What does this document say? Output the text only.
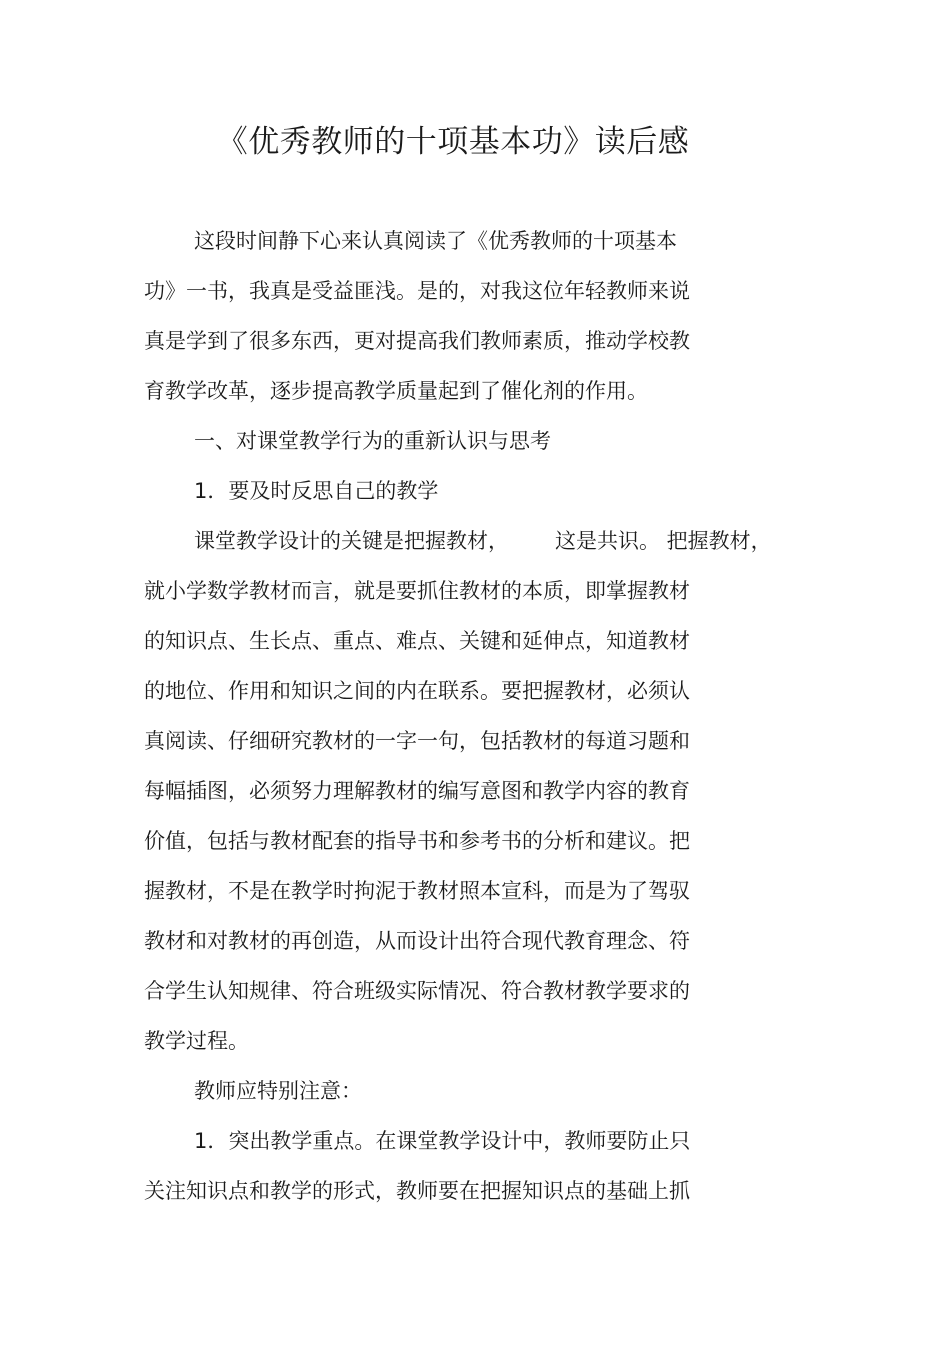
《优秀教师的十项基本功》读后感
这段时间静下心来认真阅读了《优秀教师的十项基本
功》一书，我真是受益匪浅。是的，对我这位年轻教师来说
真是学到了很多东西，更对提高我们教师素质，推动学校教
育教学改革，逐步提高教学质量起到了催化剂的作用。
一、对课堂教学行为的重新认识与思考
1．要及时反思自己的教学
课堂教学设计的关键是把握教材， 这是共识。 把握教材，
就小学数学教材而言，就是要抓住教材的本质，即掌握教材
的知识点、生长点、重点、难点、关键和延伸点，知道教材
的地位、作用和知识之间的内在联系。要把握教材，必须认
真阅读、仔细研究教材的一字一句，包括教材的每道习题和
每幅插图，必须努力理解教材的编写意图和教学内容的教育
价值，包括与教材配套的指导书和参考书的分析和建议。把
握教材，不是在教学时拘泥于教材照本宣科，而是为了驾驭
教材和对教材的再创造，从而设计出符合现代教育理念、符
合学生认知规律、符合班级实际情况、符合教材教学要求的
教学过程。
教师应特别注意：
1．突出教学重点。在课堂教学设计中，教师要防止只
关注知识点和教学的形式，教师要在把握知识点的基础上抓
